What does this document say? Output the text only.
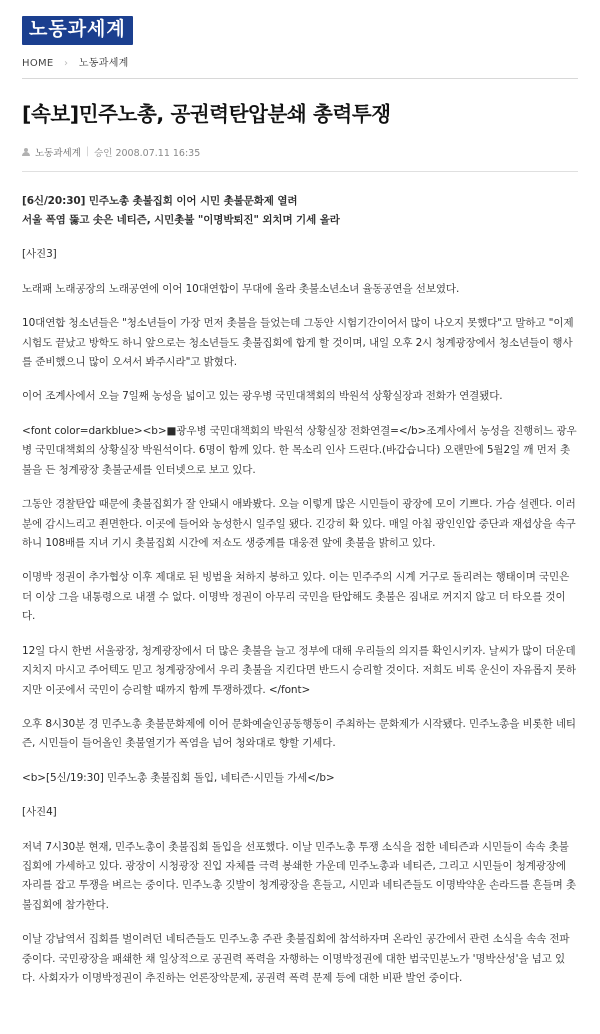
노동과세계
HOME › 노동과세계
[속보]민주노총, 공권력탄압분쇄 총력투쟁
노동과세계 | 승인 2008.07.11 16:35

[6신/20:30] 민주노총 촛불집회 이어 시민 촛불문화제 열려
서울 폭염 뚫고 솟은 네티즌, 시민촛불 "이명박퇴진" 외치며 기세 올라

[사진3]

노래패 노래공장의 노래공연에 이어 10대연합이 무대에 올라 촛불소년소녀 율동공연을 선보였다.

10대연합 청소년들은 "청소년들이 가장 먼저 촛불을 들었는데 그동안 시험기간이어서 많이 나오지 못했다"고 말하고 "이제 시험도 끝났고 방학도 하니 앞으로는 청소년들도 촛불집회에 합게 할 것이며, 내일 오후 2시 청계광장에서 청소년들이 행사를 준비했으니 많이 오셔서 봐주시라"고 밝혔다.

이어 조계사에서 오늘 7일째 농성을 넓이고 있는 광우병 국민대책회의 박원석 상황실장과 전화가 연결됐다.

<font color=darkblue><b>■광우병 국민대책회의 박원석 상황실장 전화연결=</b>조계사에서 농성을 진행히느 광우병 국민대책회의 상황실장 박원석이다. 6명이 함께 있다. 한 목소리 인사 드린다.(바갑습니다) 오랜만에 5월2일 깨 먼저 촛불을 든 청계광장 촛불군세를 인터넷으로 보고 있다.

그동안 경찰탄압 때문에 촛불집회가 잘 안돼시 애봐봤다. 오늘 이렇게 많은 시민들이 광장에 모이 기쁘다. 가슴 설렌다. 이러분에 감시느리고 죈면한다. 이곳에 들어와 농성한시 일주일 됐다. 긴강히 확 있다. 매일 아침 광인인압 중단과 재셥상을 속구하니 108배를 지녀 기시 촛불집회 시간에 저쇼도 생중계를 대웅젼 앞에 촛불을 밝히고 있다.

이명박 정권이 추가협상 이후 제대로 된 빙범율 쳐하지 봉하고 있다. 이는 민주주의 시계 거구로 돌리려는 행태이며 국민은 더 이상 그을 내통령으로 내잴 수 없다. 이명박 정권이 아무리 국민을 탄압해도 촛불은 짐내로 꺼지지 않고 더 타오를 것이다.

12일 다시 한번 서울광장, 청계광장에서 더 많은 촛불을 늘고 정부에 대해 우리들의 의지를 확인시키자. 날씨가 많이 더운데 지치지 마시고 주어텍도 믿고 청계광장에서 우리 촛불을 지킨다면 반드시 승리할 것이다. 저희도 비록 운신이 자유롭지 못하지만 이곳에서 국민이 승리할 때까지 함께 투쟁하겠다. </font>

오후 8시30분 경 민주노총 촛불문화제에 이어 문화예술인공동행동이 주최하는 문화제가 시작됐다. 민주노총을 비롯한 네티즌, 시민들이 들어올인 촛불열기가 폭염을 넘어 청와대로 향할 기세다.

<b>[5신/19:30] 민주노총 촛불집회 돌입, 네티즌·시민들 가세</b>

[사진4]

저녁 7시30분 현재, 민주노총이 촛불집회 돌입을 선포했다. 이날 민주노총 투쟁 소식을 접한 네티즌과 시민들이 속속 촛불집회에 가세하고 있다. 광장이 시청광장 진입 자체를 극력 봉쇄한 가운데 민주노총과 네티즌, 그리고 시민들이 청계광장에 자리를 잡고 투쟁을 벼르는 중이다. 민주노총 깃발이 청계광장을 흔들고, 시민과 네티즌들도 이명박약운 손라드를 흔들며 촛불집회에 참가한다.

이날 강남역서 집회를 벌이려던 네티즌들도 민주노총 주관 촛불집회에 참석하자며 온라인 공간에서 관련 소식을 속속 전파중이다. 국민광장을 패쇄한 채 일상적으로 공권력 폭력을 자행하는 이명박정권에 대한 범국민분노가 '명박산성'을 넘고 있다. 사회자가 이명박정권이 추진하는 언론장악문제, 공권력 폭력 문제 등에 대한 비판 발언 중이다.
